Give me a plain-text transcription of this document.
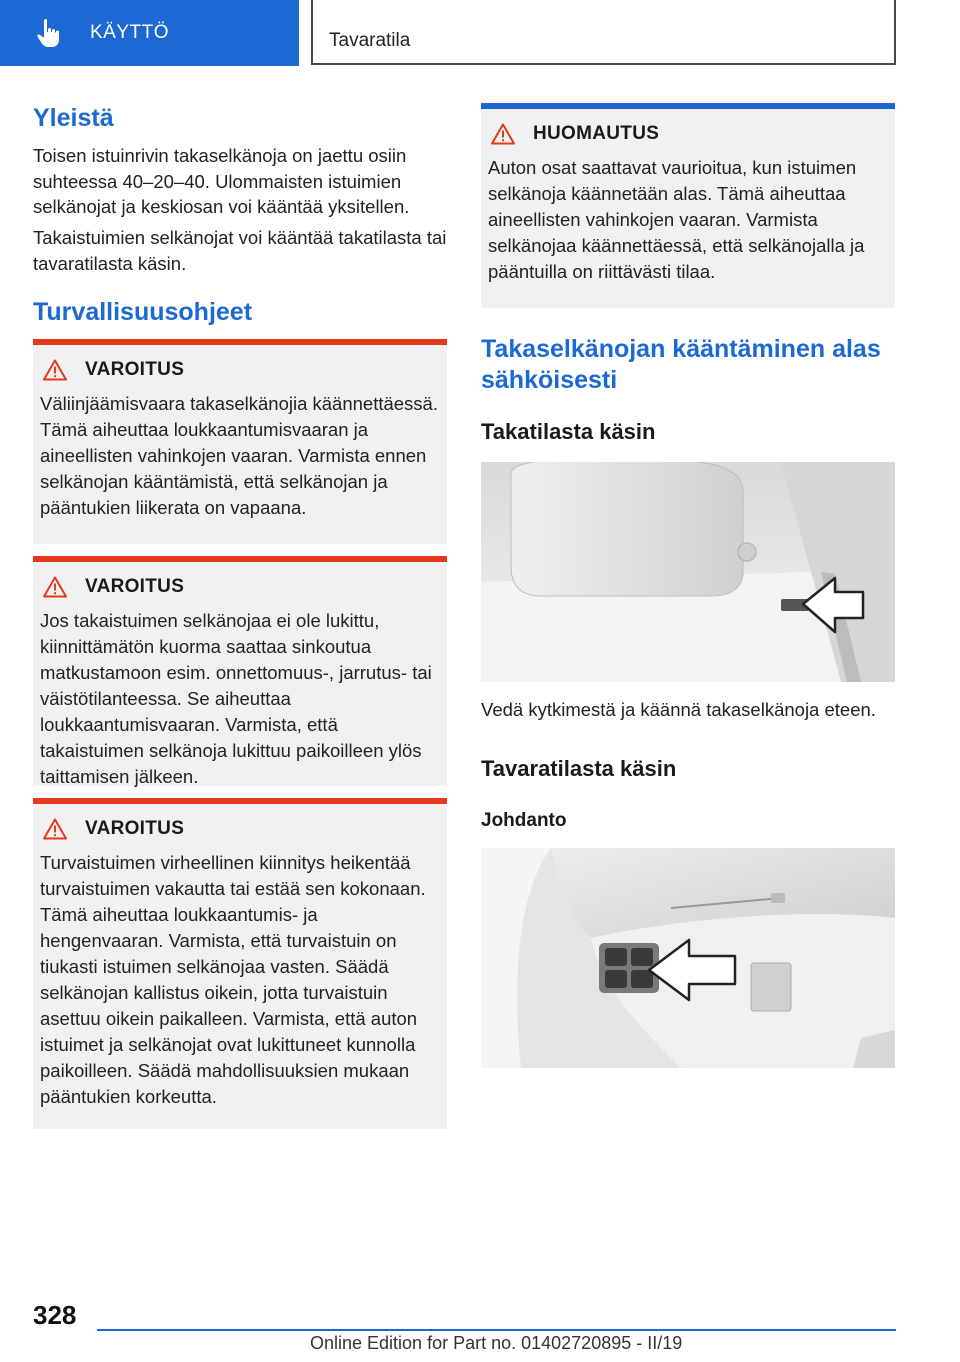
KÄYTTÖ	Tavaratila
Yleistä

Toisen istuinrivin takaselkänoja on jaettu osiin suhteessa 40–20–40. Ulommaisten istuimien selkänojat ja keskiosan voi kääntää yksitellen.

Takaistuimien selkänojat voi kääntää takatilasta tai tavaratilasta käsin.

Turvallisuusohjeet
VAROITUS

Väliinjäämisvaara takaselkänojia käännettäessä. Tämä aiheuttaa loukkaantumisvaaran ja aineellisten vahinkojen vaaran. Varmista ennen selkänojan kääntämistä, että selkänojan ja pääntukien liikerata on vapaana.

VAROITUS

Jos takaistuimen selkänojaa ei ole lukittu, kiinnittämätön kuorma saattaa sinkoutua matkustamoon esim. onnettomuus-, jarrutus- tai väistötilanteessa. Se aiheuttaa loukkaantumisvaaran. Varmista, että takaistuimen selkänoja lukittuu paikoilleen ylös taittamisen jälkeen.

VAROITUS

Turvaistuimen virheellinen kiinnitys heikentää turvaistuimen vakautta tai estää sen kokonaan. Tämä aiheuttaa loukkaantumis- ja hengenvaaran. Varmista, että turvaistuin on tiukasti istuimen selkänojaa vasten. Säädä selkänojan kallistus oikein, jotta turvaistuin asettuu oikein paikalleen. Varmista, että auton istuimet ja selkänojat ovat lukittuneet kunnolla paikoilleen. Säädä mahdollisuuksien mukaan pääntukien korkeutta.

HUOMAUTUS

Auton osat saattavat vaurioitua, kun istuimen selkänoja käännetään alas. Tämä aiheuttaa aineellisten vahinkojen vaaran. Varmista selkänojaa käännettäessä, että selkänojalla ja pääntuilla on riittävästi tilaa.

Takaselkänojan kääntäminen alas sähköisesti
Takatilasta käsin

Vedä kytkimestä ja käännä takaselkänoja eteen.

Tavaratilasta käsin
Johdanto
328
Online Edition for Part no. 01402720895 - II/19
